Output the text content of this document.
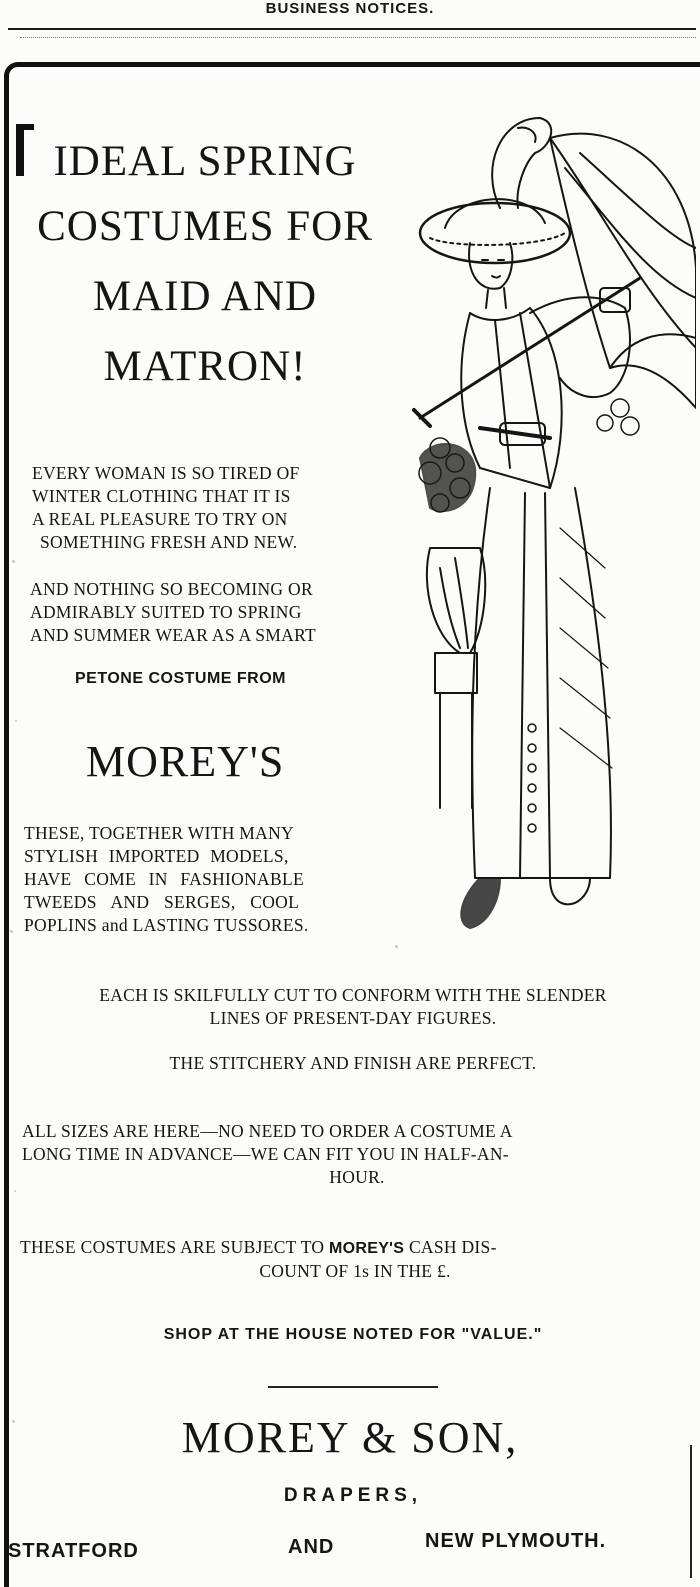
BUSINESS NOTICES.
IDEAL SPRING
COSTUMES FOR
MAID AND
MATRON!
EVERY WOMAN IS SO TIRED OF
WINTER CLOTHING THAT IT IS
A REAL PLEASURE TO TRY ON
SOMETHING FRESH AND NEW.
AND NOTHING SO BECOMING OR
ADMIRABLY SUITED TO SPRING
AND SUMMER WEAR AS A SMART
PETONE COSTUME FROM
MOREY'S
THESE, TOGETHER WITH MANY
STYLISH IMPORTED MODELS,
HAVE COME IN FASHIONABLE
TWEEDS AND SERGES, COOL
POPLINS and LASTING TUSSORES.
EACH IS SKILFULLY CUT TO CONFORM WITH THE SLENDER
LINES OF PRESENT-DAY FIGURES.
THE STITCHERY AND FINISH ARE PERFECT.
ALL SIZES ARE HERE—NO NEED TO ORDER A COSTUME A
LONG TIME IN ADVANCE—WE CAN FIT YOU IN HALF-AN-
HOUR.
THESE COSTUMES ARE SUBJECT TO MOREY'S CASH DIS-
COUNT OF 1s IN THE £.
SHOP AT THE HOUSE NOTED FOR "VALUE."
MOREY & SON,
DRAPERS,
STRATFORD	AND	NEW PLYMOUTH.
